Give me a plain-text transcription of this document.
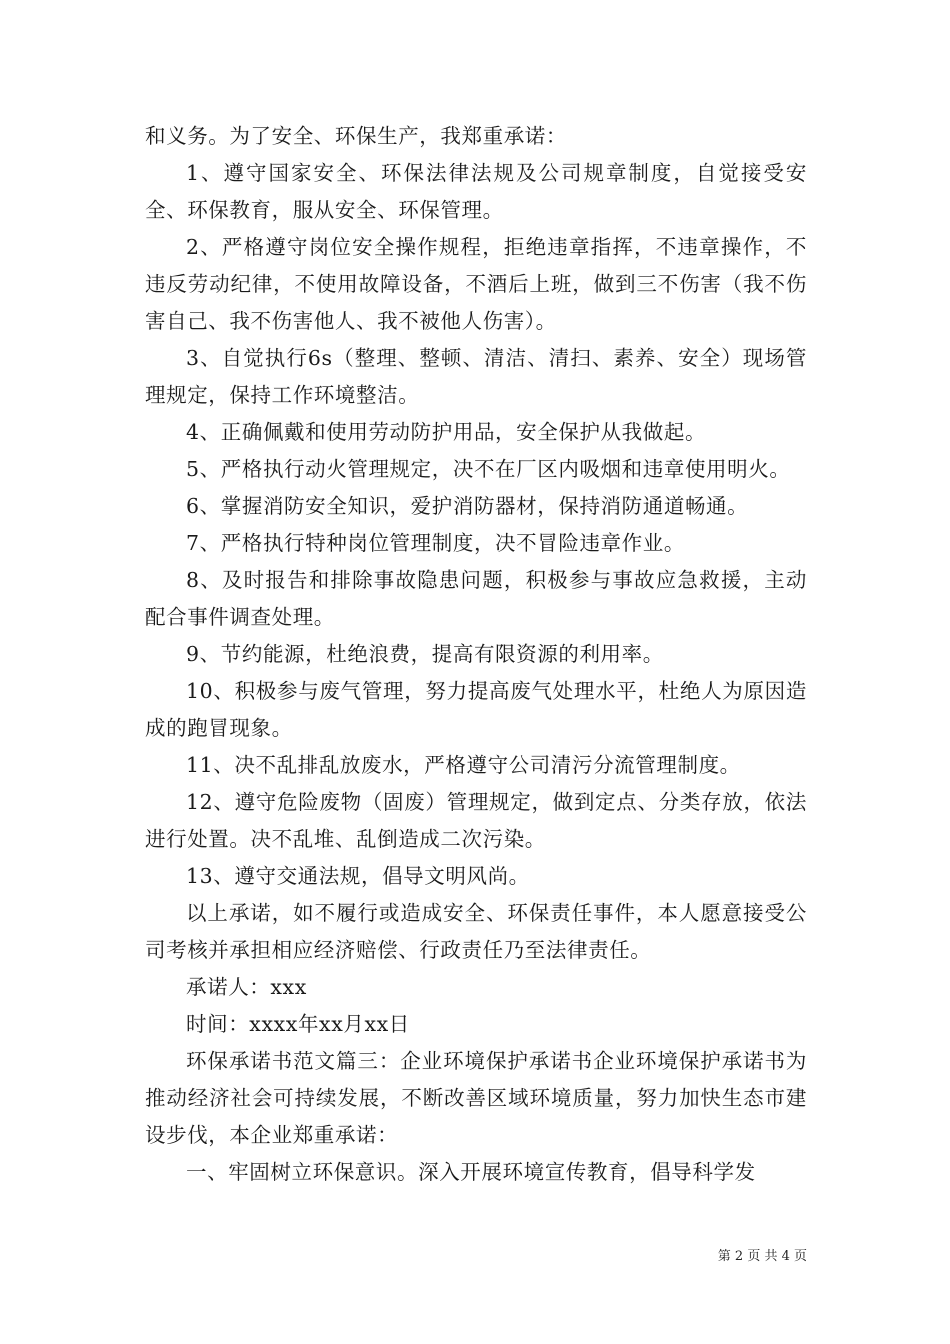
和义务。为了安全、环保生产，我郑重承诺：

1、遵守国家安全、环保法律法规及公司规章制度，自觉接受安全、环保教育，服从安全、环保管理。

2、严格遵守岗位安全操作规程，拒绝违章指挥，不违章操作，不违反劳动纪律，不使用故障设备，不酒后上班，做到三不伤害（我不伤害自己、我不伤害他人、我不被他人伤害）。

3、自觉执行6s（整理、整顿、清洁、清扫、素养、安全）现场管理规定，保持工作环境整洁。

4、正确佩戴和使用劳动防护用品，安全保护从我做起。

5、严格执行动火管理规定，决不在厂区内吸烟和违章使用明火。

6、掌握消防安全知识，爱护消防器材，保持消防通道畅通。

7、严格执行特种岗位管理制度，决不冒险违章作业。

8、及时报告和排除事故隐患问题，积极参与事故应急救援，主动配合事件调查处理。

9、节约能源，杜绝浪费，提高有限资源的利用率。

10、积极参与废气管理，努力提高废气处理水平，杜绝人为原因造成的跑冒现象。

11、决不乱排乱放废水，严格遵守公司清污分流管理制度。

12、遵守危险废物（固废）管理规定，做到定点、分类存放，依法进行处置。决不乱堆、乱倒造成二次污染。

13、遵守交通法规，倡导文明风尚。

以上承诺，如不履行或造成安全、环保责任事件，本人愿意接受公司考核并承担相应经济赔偿、行政责任乃至法律责任。

承诺人：xxx

时间：xxxx年xx月xx日

环保承诺书范文篇三：企业环境保护承诺书企业环境保护承诺书为推动经济社会可持续发展，不断改善区域环境质量，努力加快生态市建设步伐，本企业郑重承诺：

一、牢固树立环保意识。深入开展环境宣传教育，倡导科学发

第 2 页 共 4 页
